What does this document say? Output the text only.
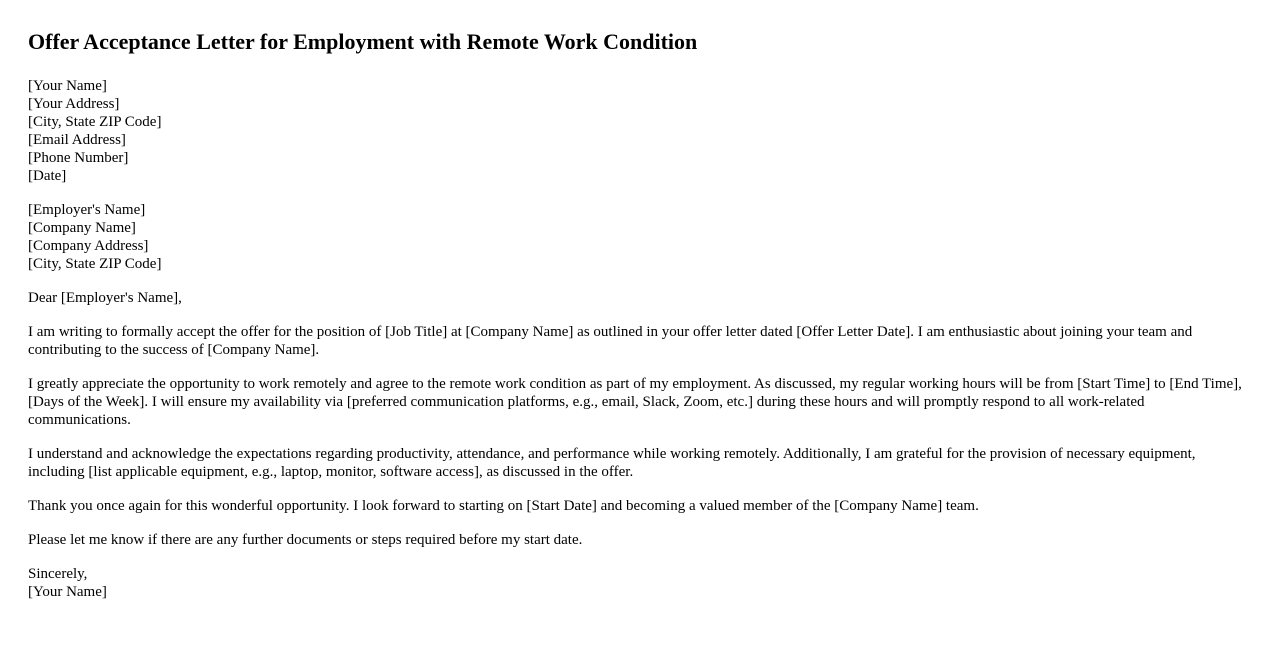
Offer Acceptance Letter for Employment with Remote Work Condition
[Your Name]
[Your Address]
[City, State ZIP Code]
[Email Address]
[Phone Number]
[Date]
[Employer's Name]
[Company Name]
[Company Address]
[City, State ZIP Code]
Dear [Employer's Name],

I am writing to formally accept the offer for the position of [Job Title] at [Company Name] as outlined in your offer letter dated [Offer Letter Date]. I am enthusiastic about joining your team and contributing to the success of [Company Name].

I greatly appreciate the opportunity to work remotely and agree to the remote work condition as part of my employment. As discussed, my regular working hours will be from [Start Time] to [End Time], [Days of the Week]. I will ensure my availability via [preferred communication platforms, e.g., email, Slack, Zoom, etc.] during these hours and will promptly respond to all work-related communications.

I understand and acknowledge the expectations regarding productivity, attendance, and performance while working remotely. Additionally, I am grateful for the provision of necessary equipment, including [list applicable equipment, e.g., laptop, monitor, software access], as discussed in the offer.

Thank you once again for this wonderful opportunity. I look forward to starting on [Start Date] and becoming a valued member of the [Company Name] team.

Please let me know if there are any further documents or steps required before my start date.

Sincerely,
[Your Name]
